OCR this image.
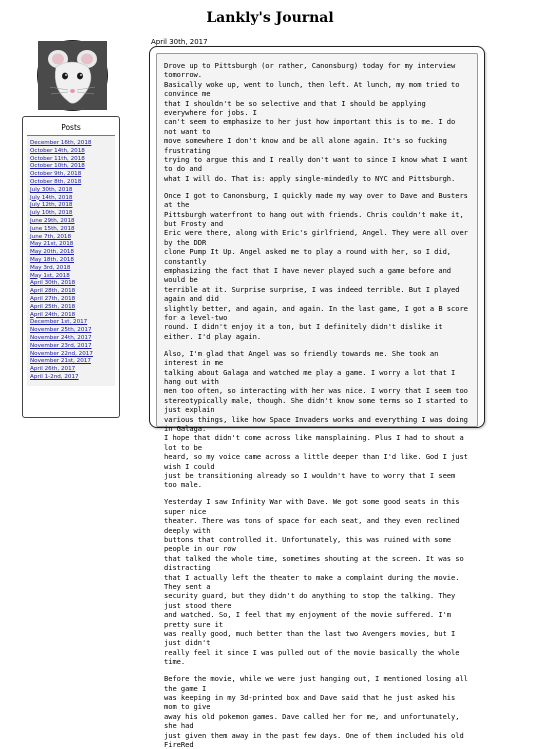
Lankly's Journal
Posts
December 16th, 2018
October 14th, 2018
October 11th, 2018
October 10th, 2018
October 9th, 2018
October 8th, 2018
July 30th, 2018
July 14th, 2018
July 12th, 2018
July 10th, 2018
June 29th, 2018
June 15th, 2018
June 7th, 2018
May 21st, 2018
May 20th, 2018
May 18th, 2018
May 3rd, 2018
May 1st, 2018
April 30th, 2018
April 28th, 2018
April 27th, 2018
April 25th, 2018
April 24th, 2018
December 1st, 2017
November 25th, 2017
November 24th, 2017
November 23rd, 2017
November 22nd, 2017
November 21st, 2017
April 26th, 2017
April 1-2nd, 2017
April 30th, 2017

Drove up to Pittsburgh (or rather, Canonsburg) today for my interview tomorrow.
Basically woke up, went to lunch, then left. At lunch, my mom tried to convince me
that I shouldn't be so selective and that I should be applying everywhere for jobs. I
can't seem to emphasize to her just how important this is to me. I do not want to
move somewhere I don't know and be all alone again. It's so fucking frustrating
trying to argue this and I really don't want to since I know what I want to do and
what I will do. That is: apply single-mindedly to NYC and Pittsburgh.

Once I got to Canonsburg, I quickly made my way over to Dave and Busters at the
Pittsburgh waterfront to hang out with friends. Chris couldn't make it, but Frosty and
Eric were there, along with Eric's girlfriend, Angel. They were all over by the DDR
clone Pump It Up. Angel asked me to play a round with her, so I did, constantly
emphasizing the fact that I have never played such a game before and would be
terrible at it. Surprise surprise, I was indeed terrible. But I played again and did
slightly better, and again, and again. In the last game, I got a B score for a level-two
round. I didn't enjoy it a ton, but I definitely didn't dislike it either. I'd play again.

Also, I'm glad that Angel was so friendly towards me. She took an interest in me
talking about Galaga and watched me play a game. I worry a lot that I hang out with
men too often, so interacting with her was nice. I worry that I seem too
stereotypically male, though. She didn't know some terms so I started to just explain
various things, like how Space Invaders works and everything I was doing in Galaga.
I hope that didn't come across like mansplaining. Plus I had to shout a lot to be
heard, so my voice came across a little deeper than I'd like. God I just wish I could
just be transitioning already so I wouldn't have to worry that I seem too male.

Yesterday I saw Infinity War with Dave. We got some good seats in this super nice
theater. There was tons of space for each seat, and they even reclined deeply with
buttons that controlled it. Unfortunately, this was ruined with some people in our row
that talked the whole time, sometimes shouting at the screen. It was so distracting
that I actually left the theater to make a complaint during the movie. They sent a
security guard, but they didn't do anything to stop the talking. They just stood there
and watched. So, I feel that my enjoyment of the movie suffered. I'm pretty sure it
was really good, much better than the last two Avengers movies, but I just didn't
really feel it since I was pulled out of the movie basically the whole time.

Before the movie, while we were just hanging out, I mentioned losing all the game I
was keeping in my 3d-printed box and Dave said that he just asked his mom to give
away his old pokemon games. Dave called her for me, and unfortunately, she had
just given them away in the past few days. One of them included his old FireRed
